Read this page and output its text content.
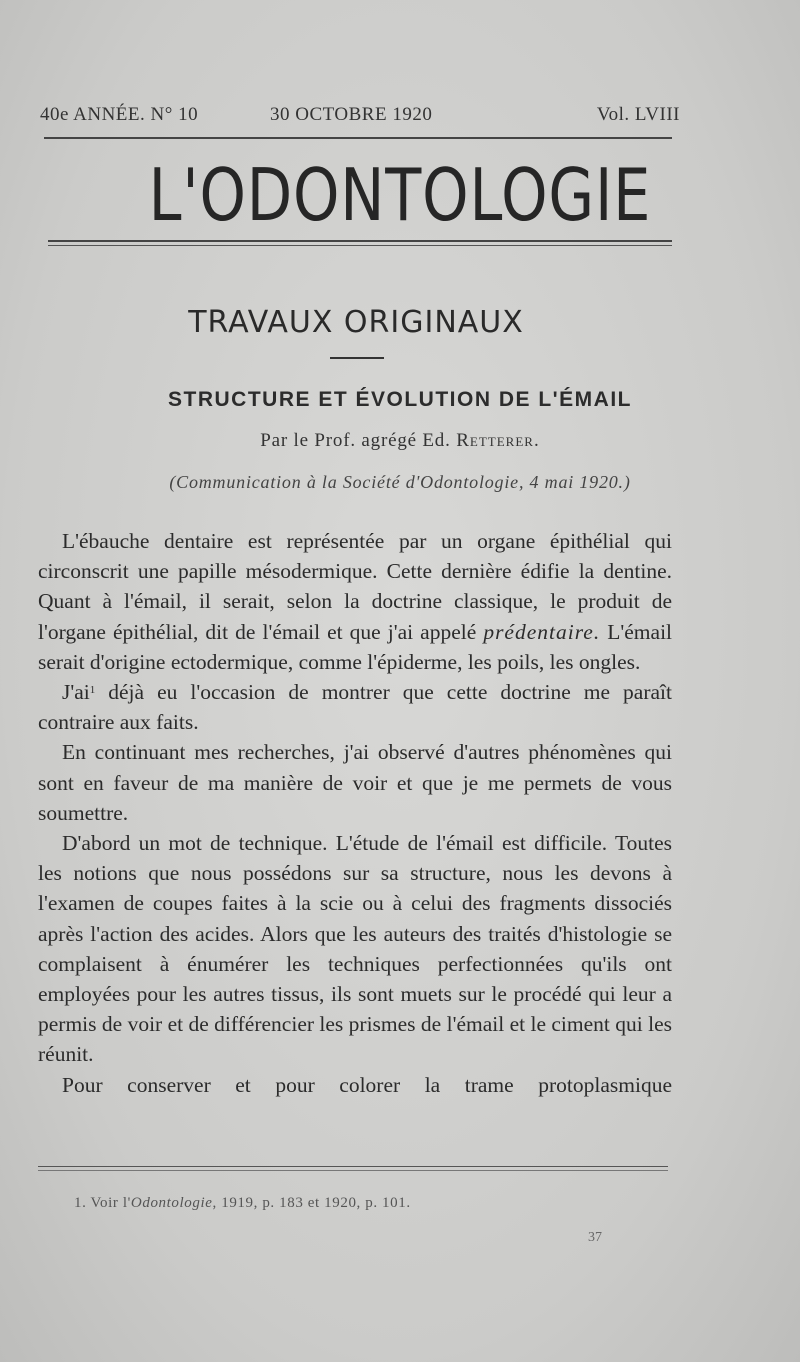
40e ANNÉE. N° 10	30 OCTOBRE 1920	Vol. LVIII
L'ODONTOLOGIE
TRAVAUX ORIGINAUX
STRUCTURE ET ÉVOLUTION DE L'ÉMAIL
Par le Prof. agrégé Ed. Retterer.
(Communication à la Société d'Odontologie, 4 mai 1920.)

L'ébauche dentaire est représentée par un organe épithélial qui circonscrit une papille mésodermique. Cette dernière édifie la dentine. Quant à l'émail, il serait, selon la doctrine classique, le produit de l'organe épithélial, dit de l'émail et que j'ai appelé prédentaire. L'émail serait d'origine ectodermique, comme l'épiderme, les poils, les ongles.

$J'ai^1$ déjà eu l'occasion de montrer que cette doctrine me paraît contraire aux faits.

En continuant mes recherches, j'ai observé d'autres phénomènes qui sont en faveur de ma manière de voir et que je me permets de vous soumettre.

D'abord un mot de technique. L'étude de l'émail est difficile. Toutes les notions que nous possédons sur sa structure, nous les devons à l'examen de coupes faites à la scie ou à celui des fragments dissociés après l'action des acides. Alors que les auteurs des traités d'histologie se complaisent à énumérer les techniques perfectionnées qu'ils ont employées pour les autres tissus, ils sont muets sur le procédé qui leur a permis de voir et de différencier les prismes de l'émail et le ciment qui les réunit.

Pour conserver et pour colorer la trame protoplasmique

1. Voir l'Odontologie, 1919, p. 183 et 1920, p. 101.
37
